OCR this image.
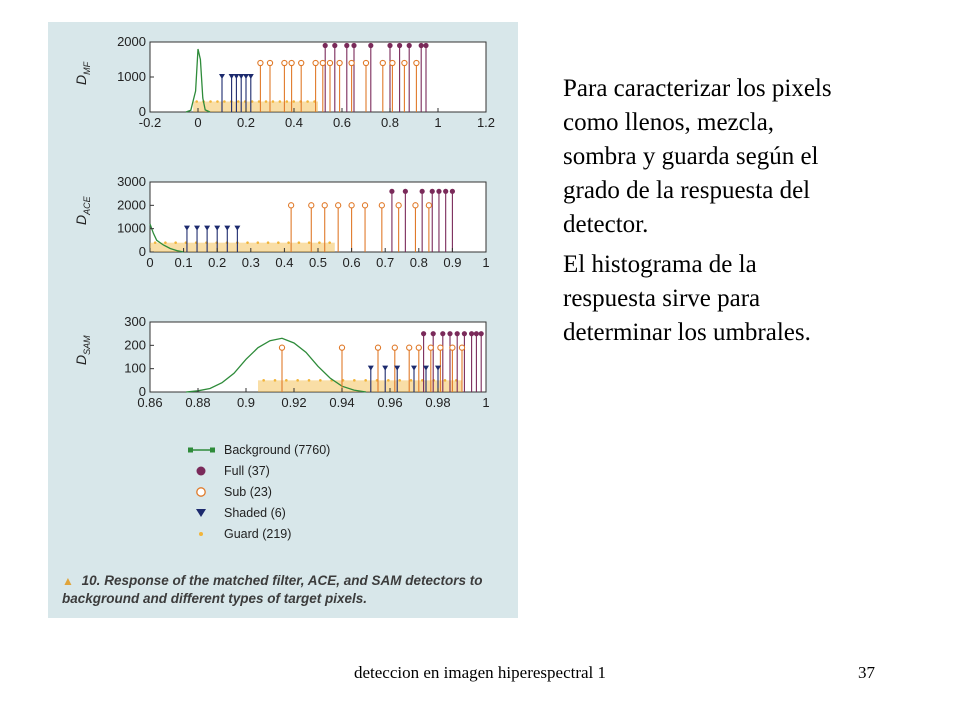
-0.2	0	0.2 0.4 0.6 0.8	1	1.2
0
1000
2000
$D_{MF}$
0 0.1 0.2 0.3 0.4 0.5 0.6 0.7 0.8 0.9 1
0
1000
2000
3000
$D_{ACE}$
0.86 0.88 0.9 0.92 0.94 0.96 0.98 1
0
100
200
300
$D_{SAM}$
Background (7760)
Full (37)
Sub (23)
Shaded (6)
Guard (219)
▲ 10. Response of the matched filter, ACE, and SAM detectors to background and different types of target pixels.

Para caracterizar los pixels como llenos, mezcla, sombra y guarda según el grado de la respuesta del detector.

El histograma de la respuesta sirve para determinar los umbrales.

deteccion en imagen hiperespectral 1	37
